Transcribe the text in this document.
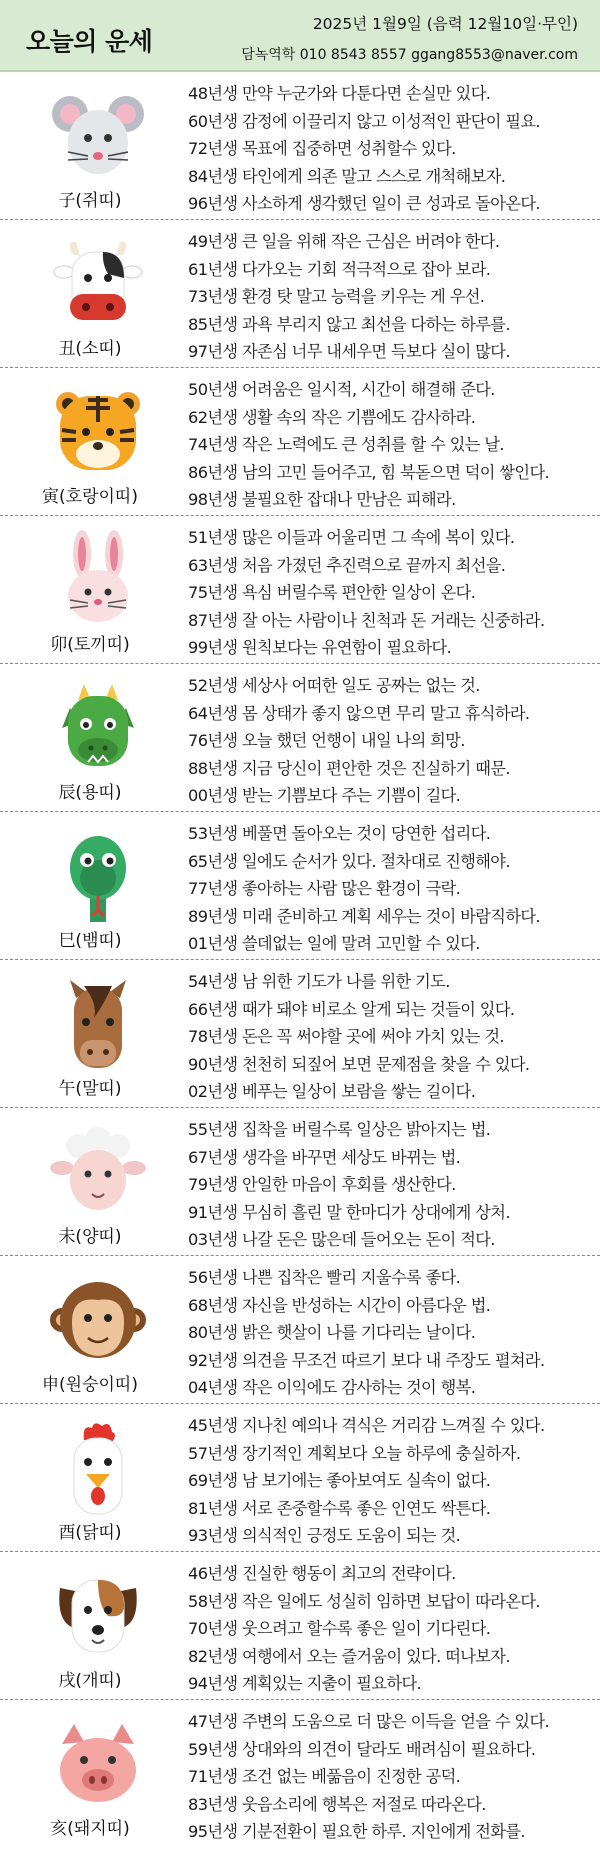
오늘의 운세
2025년 1월9일 (음력 12월10일·무인)
담녹역학 010 8543 8557 ggang8553@naver.com
子(쥐띠)
48년생 만약 누군가와 다툰다면 손실만 있다.
60년생 감정에 이끌리지 않고 이성적인 판단이 필요.
72년생 목표에 집중하면 성취할수 있다.
84년생 타인에게 의존 말고 스스로 개척해보자.
96년생 사소하게 생각했던 일이 큰 성과로 돌아온다.
丑(소띠)
49년생 큰 일을 위해 작은 근심은 버려야 한다.
61년생 다가오는 기회 적극적으로 잡아 보라.
73년생 환경 탓 말고 능력을 키우는 게 우선.
85년생 과욕 부리지 않고 최선을 다하는 하루를.
97년생 자존심 너무 내세우면 득보다 실이 많다.
寅(호랑이띠)
50년생 어려움은 일시적, 시간이 해결해 준다.
62년생 생활 속의 작은 기쁨에도 감사하라.
74년생 작은 노력에도 큰 성취를 할 수 있는 날.
86년생 남의 고민 들어주고, 힘 북돋으면 덕이 쌓인다.
98년생 불필요한 잡대나 만남은 피해라.
卯(토끼띠)
51년생 많은 이들과 어울리면 그 속에 복이 있다.
63년생 처음 가졌던 추진력으로 끝까지 최선을.
75년생 욕심 버릴수록 편안한 일상이 온다.
87년생 잘 아는 사람이나 친척과 돈 거래는 신중하라.
99년생 원칙보다는 유연함이 필요하다.
辰(용띠)
52년생 세상사 어떠한 일도 공짜는 없는 것.
64년생 몸 상태가 좋지 않으면 무리 말고 휴식하라.
76년생 오늘 했던 언행이 내일 나의 희망.
88년생 지금 당신이 편안한 것은 진실하기 때문.
00년생 받는 기쁨보다 주는 기쁨이 길다.
巳(뱀띠)
53년생 베풀면 돌아오는 것이 당연한 섭리다.
65년생 일에도 순서가 있다. 절차대로 진행해야.
77년생 좋아하는 사람 많은 환경이 극락.
89년생 미래 준비하고 계획 세우는 것이 바람직하다.
01년생 쓸데없는 일에 말려 고민할 수 있다.
午(말띠)
54년생 남 위한 기도가 나를 위한 기도.
66년생 때가 돼야 비로소 알게 되는 것들이 있다.
78년생 돈은 꼭 써야할 곳에 써야 가치 있는 것.
90년생 천천히 되짚어 보면 문제점을 찾을 수 있다.
02년생 베푸는 일상이 보람을 쌓는 길이다.
未(양띠)
55년생 집착을 버릴수록 일상은 밝아지는 법.
67년생 생각을 바꾸면 세상도 바뀌는 법.
79년생 안일한 마음이 후회를 생산한다.
91년생 무심히 흘린 말 한마디가 상대에게 상처.
03년생 나갈 돈은 많은데 들어오는 돈이 적다.
申(원숭이띠)
56년생 나쁜 집착은 빨리 지울수록 좋다.
68년생 자신을 반성하는 시간이 아름다운 법.
80년생 밝은 햇살이 나를 기다리는 날이다.
92년생 의견을 무조건 따르기 보다 내 주장도 펼쳐라.
04년생 작은 이익에도 감사하는 것이 행복.
酉(닭띠)
45년생 지나친 예의나 격식은 거리감 느껴질 수 있다.
57년생 장기적인 계획보다 오늘 하루에 충실하자.
69년생 남 보기에는 좋아보여도 실속이 없다.
81년생 서로 존중할수록 좋은 인연도 싹튼다.
93년생 의식적인 긍정도 도움이 되는 것.
戌(개띠)
46년생 진실한 행동이 최고의 전략이다.
58년생 작은 일에도 성실히 임하면 보답이 따라온다.
70년생 웃으려고 할수록 좋은 일이 기다린다.
82년생 여행에서 오는 즐거움이 있다. 떠나보자.
94년생 계획있는 지출이 필요하다.
亥(돼지띠)
47년생 주변의 도움으로 더 많은 이득을 얻을 수 있다.
59년생 상대와의 의견이 달라도 배려심이 필요하다.
71년생 조건 없는 베풂음이 진정한 공덕.
83년생 웃음소리에 행복은 저절로 따라온다.
95년생 기분전환이 필요한 하루. 지인에게 전화를.
